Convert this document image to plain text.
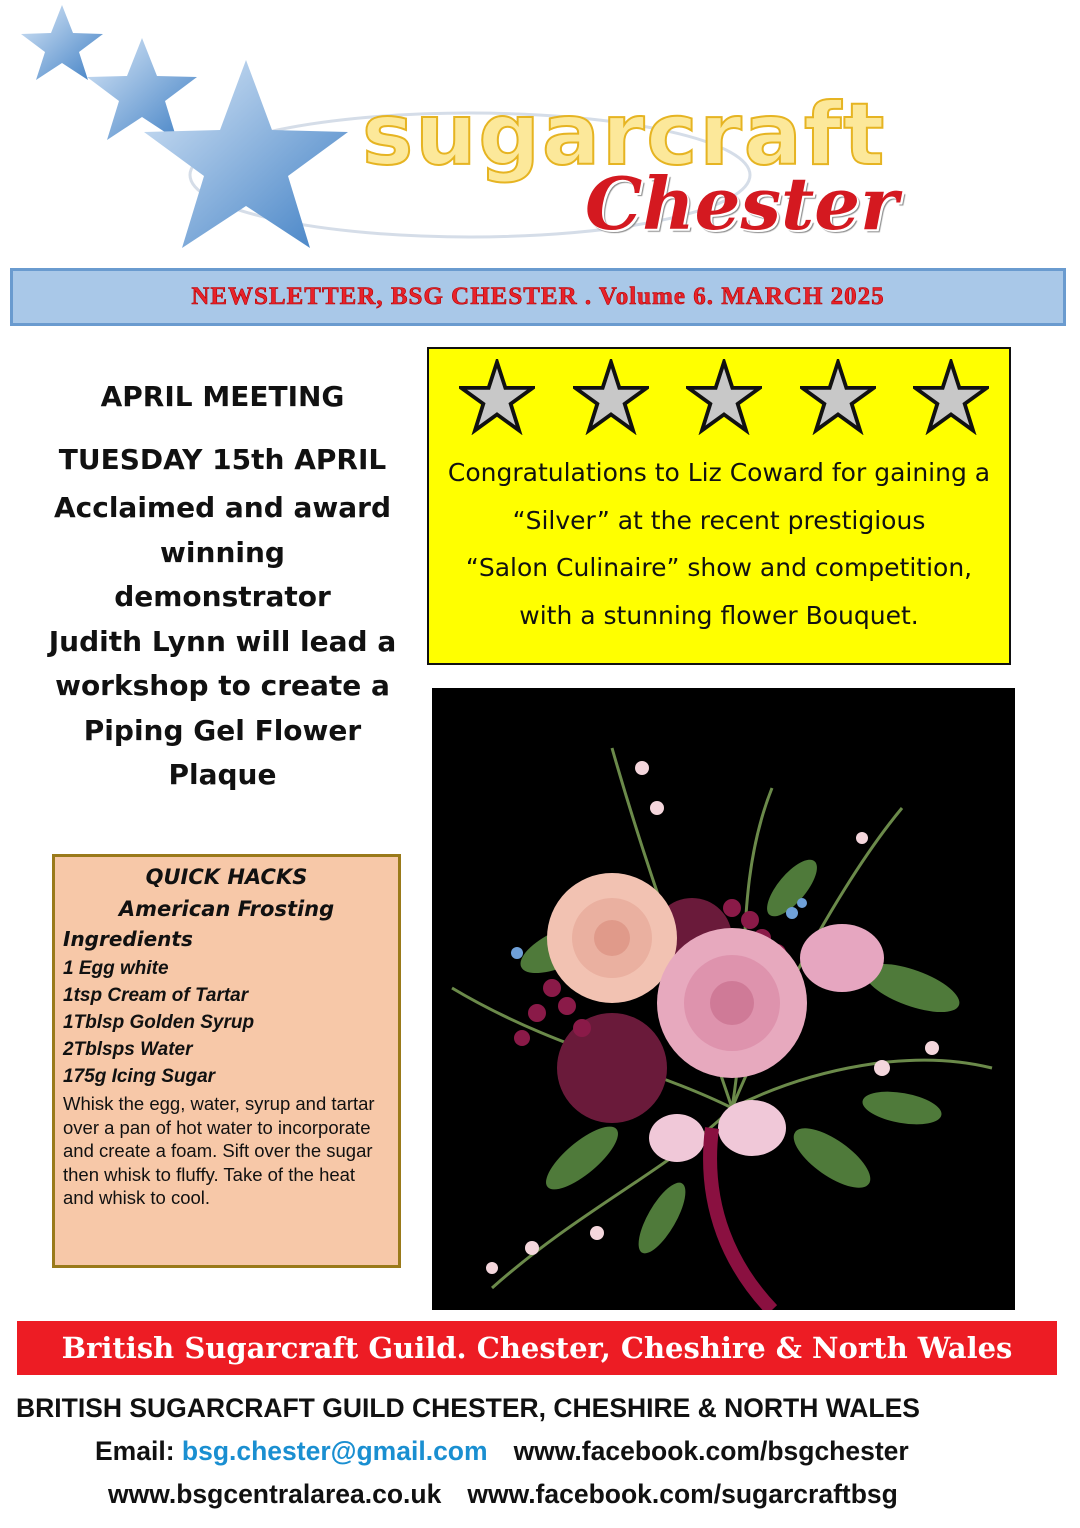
sugarcraft
Chester
NEWSLETTER, BSG CHESTER . Volume 6. MARCH 2025
APRIL MEETING
TUESDAY 15th APRIL
Acclaimed and award
winning
demonstrator
Judith Lynn will lead a
workshop to create a
Piping Gel Flower
Plaque
Congratulations to Liz Coward for gaining a
“Silver” at the recent prestigious
“Salon Culinaire” show and competition,
with a stunning flower Bouquet.
QUICK HACKS
American Frosting
Ingredients
1 Egg white
1tsp Cream of Tartar
1Tblsp Golden Syrup
2Tblsps Water
175g Icing Sugar
Whisk the egg, water, syrup and tartar over a pan of hot water to incorporate and create a foam. Sift over the sugar then whisk to fluffy. Take of the heat and whisk to cool.
British Sugarcraft Guild. Chester, Cheshire & North Wales
BRITISH SUGARCRAFT GUILD CHESTER, CHESHIRE & NORTH WALES
Email: bsg.chester@gmail.com www.facebook.com/bsgchester
www.bsgcentralarea.co.uk www.facebook.com/sugarcraftbsg
